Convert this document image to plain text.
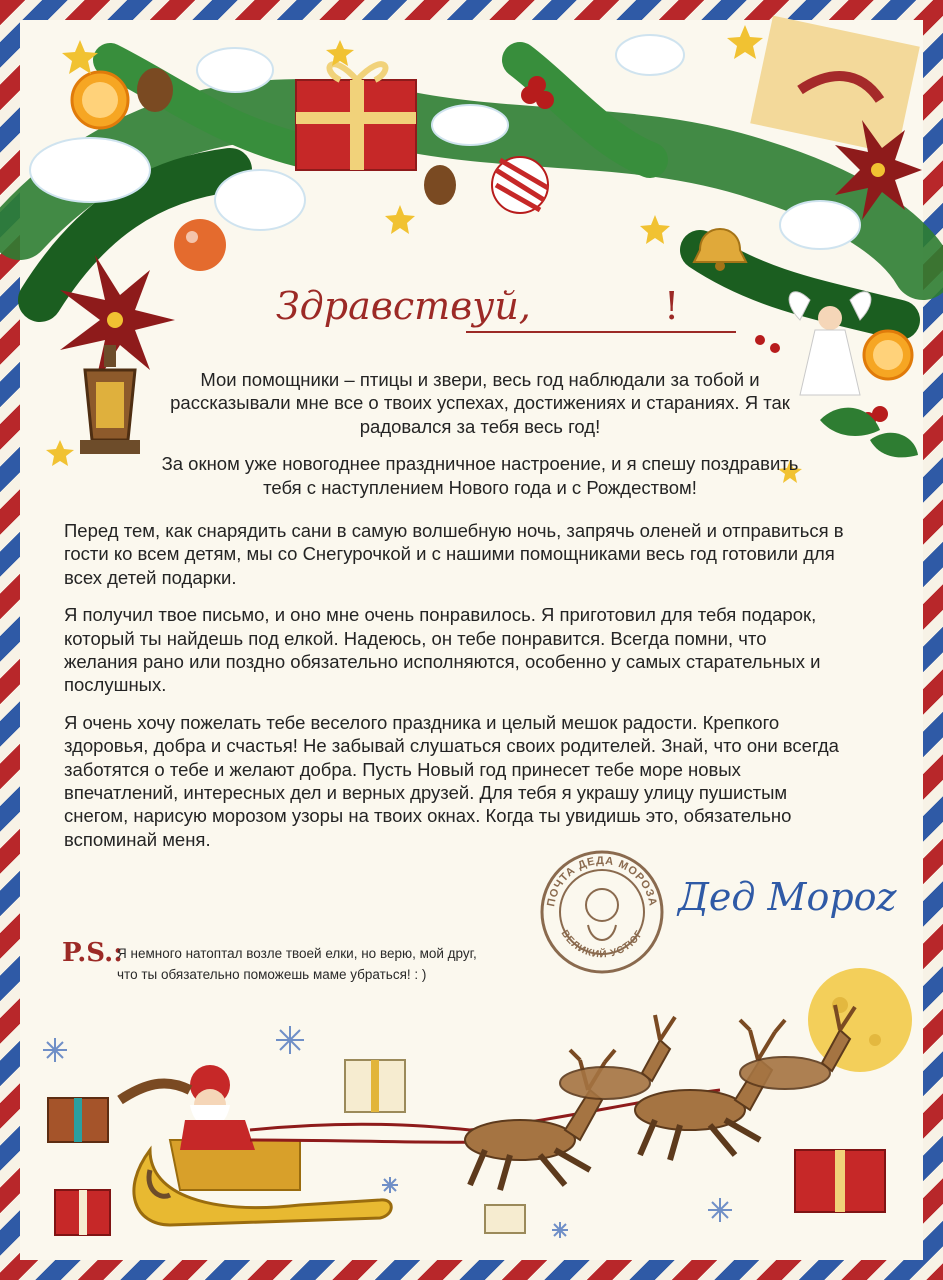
ПОЧТА ДЕДА МОРОЗА
ВЕЛИКИЙ УСТЮГ
Здравствуй,	!

Мои помощники – птицы и звери, весь год наблюдали за тобой и рассказывали мне все о твоих успехах, достижениях и стараниях. Я так радовался за тебя весь год!

За окном уже новогоднее праздничное настроение, и я спешу поздравить тебя с наступлением Нового года и с Рождеством!

Перед тем, как снарядить сани в самую волшебную ночь, запрячь оленей и отправиться в гости ко всем детям, мы со Снегурочкой и с нашими помощниками весь год готовили для всех детей подарки.

Я получил твое письмо, и оно мне очень понравилось. Я приготовил для тебя подарок, который ты найдешь под елкой. Надеюсь, он тебе понравится. Всегда помни, что желания рано или поздно обязательно исполняются, особенно у самых старательных и послушных.

Я очень хочу пожелать тебе веселого праздника и целый мешок радости. Крепкого здоровья, добра и счастья! Не забывай слушаться своих родителей. Знай, что они всегда заботятся о тебе и желают добра. Пусть Новый год принесет тебе море новых впечатлений, интересных дел и верных друзей. Для тебя я украшу улицу пушистым снегом, нарисую морозом узоры на твоих окнах. Когда ты увидишь это, обязательно вспоминай меня.

P.S.:
Я немного натоптал возле твоей елки, но верю, мой друг,
что ты обязательно поможешь маме убраться! : )
Дед Мороz
